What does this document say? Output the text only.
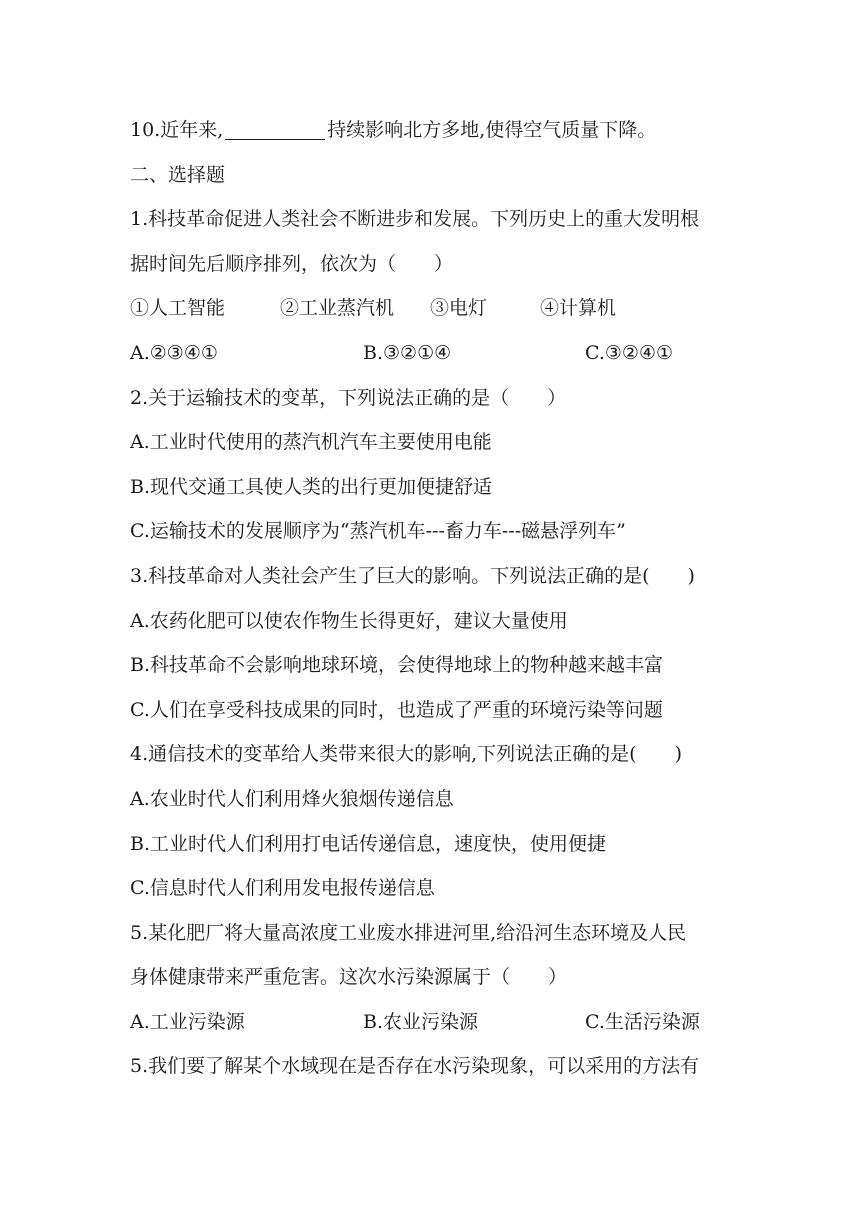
10.近年来,	持续影响北方多地,使得空气质量下降。
二、选择题
1.科技革命促进人类社会不断进步和发展。下列历史上的重大发明根
据时间先后顺序排列，依次为（　　）
①人工智能	②工业蒸汽机 ③电灯	④计算机
A.②③④①	B.③②①④	C.③②④①
2.关于运输技术的变革，下列说法正确的是（　　）
A.工业时代使用的蒸汽机汽车主要使用电能
B.现代交通工具使人类的出行更加便捷舒适
C.运输技术的发展顺序为“蒸汽机车---畜力车---磁悬浮列车”
3.科技革命对人类社会产生了巨大的影响。下列说法正确的是(　　)
A.农药化肥可以使农作物生长得更好，建议大量使用
B.科技革命不会影响地球环境，会使得地球上的物种越来越丰富
C.人们在享受科技成果的同时，也造成了严重的环境污染等问题
4.通信技术的变革给人类带来很大的影响,下列说法正确的是(　　)
A.农业时代人们利用烽火狼烟传递信息
B.工业时代人们利用打电话传递信息，速度快，使用便捷
C.信息时代人们利用发电报传递信息
5.某化肥厂将大量高浓度工业废水排进河里,给沿河生态环境及人民
身体健康带来严重危害。这次水污染源属于（　　）
A.工业污染源	B.农业污染源	C.生活污染源
5.我们要了解某个水域现在是否存在水污染现象，可以采用的方法有
